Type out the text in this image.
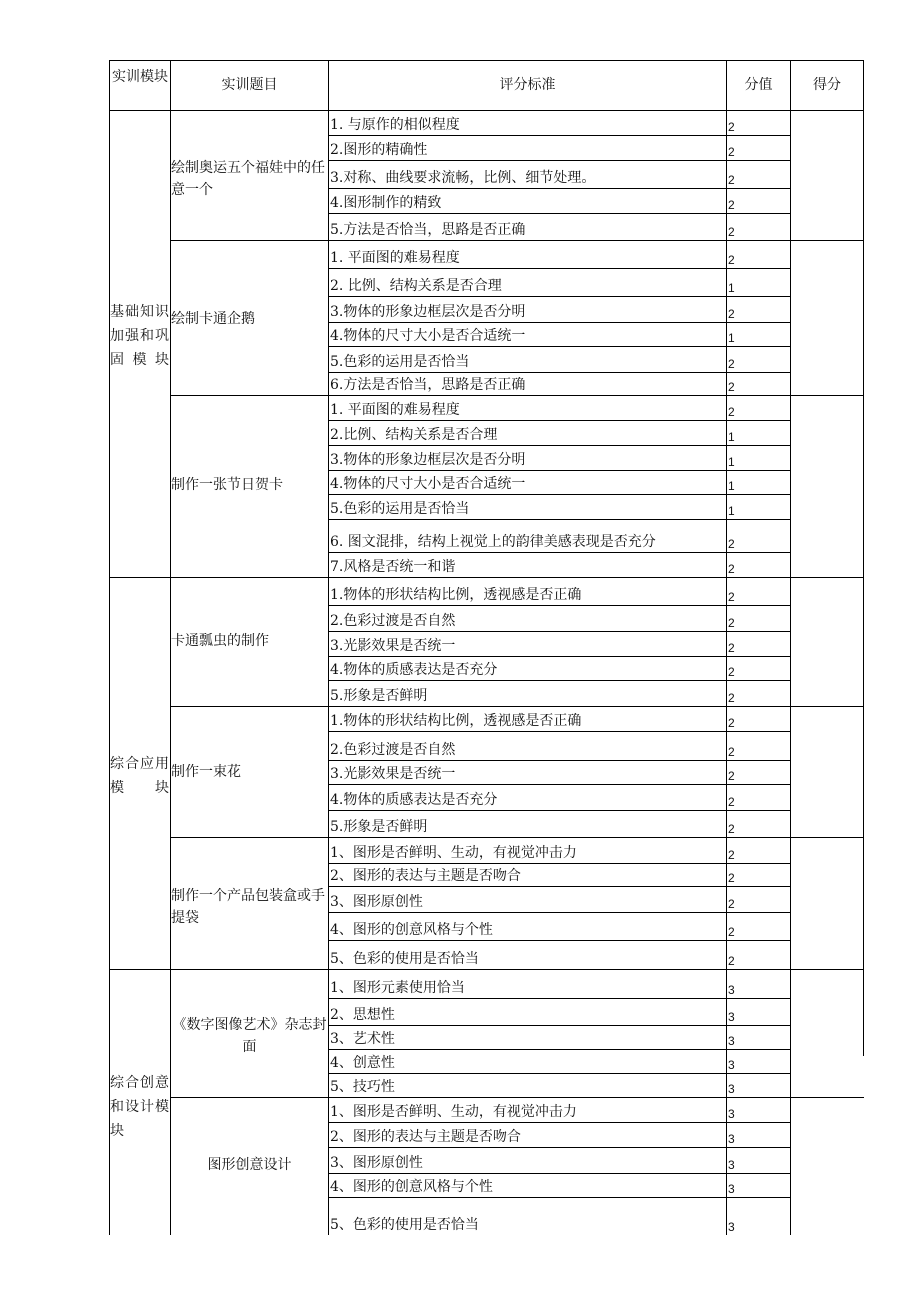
实训模块	实训题目	评分标准	分值	得分
基础知识加强和巩固模块
绘制奥运五个福娃中的任意一个
1. 与原作的相似程度	2
2.图形的精确性	2
3.对称、曲线要求流畅，比例、细节处理。	2
4.图形制作的精致	2
5.方法是否恰当，思路是否正确	2
绘制卡通企鹅
1. 平面图的难易程度	2
2. 比例、结构关系是否合理	1
3.物体的形象边框层次是否分明	2
4.物体的尺寸大小是否合适统一	1
5.色彩的运用是否恰当	2
6.方法是否恰当，思路是否正确	2
制作一张节日贺卡
1. 平面图的难易程度	2
2.比例、结构关系是否合理	1
3.物体的形象边框层次是否分明	1
4.物体的尺寸大小是否合适统一	1
5.色彩的运用是否恰当	1
6. 图文混排，结构上视觉上的韵律美感表现是否充分	2
7.风格是否统一和谐	2
综合应用模块
卡通瓢虫的制作
1.物体的形状结构比例，透视感是否正确	2
2.色彩过渡是否自然	2
3.光影效果是否统一	2
4.物体的质感表达是否充分	2
5.形象是否鲜明	2
制作一束花
1.物体的形状结构比例，透视感是否正确	2
2.色彩过渡是否自然	2
3.光影效果是否统一	2
4.物体的质感表达是否充分	2
5.形象是否鲜明	2
制作一个产品包装盒或手提袋
1、图形是否鲜明、生动，有视觉冲击力	2
2、图形的表达与主题是否吻合	2
3、图形原创性	2
4、图形的创意风格与个性	2
5、色彩的使用是否恰当	2
综合创意和设计模块
《数字图像艺术》杂志封面
1、图形元素使用恰当	3
2、思想性	3
3、艺术性	3
4、创意性	3
5、技巧性	3
图形创意设计
1、图形是否鲜明、生动，有视觉冲击力	3
2、图形的表达与主题是否吻合	3
3、图形原创性	3
4、图形的创意风格与个性	3
5、色彩的使用是否恰当	3
